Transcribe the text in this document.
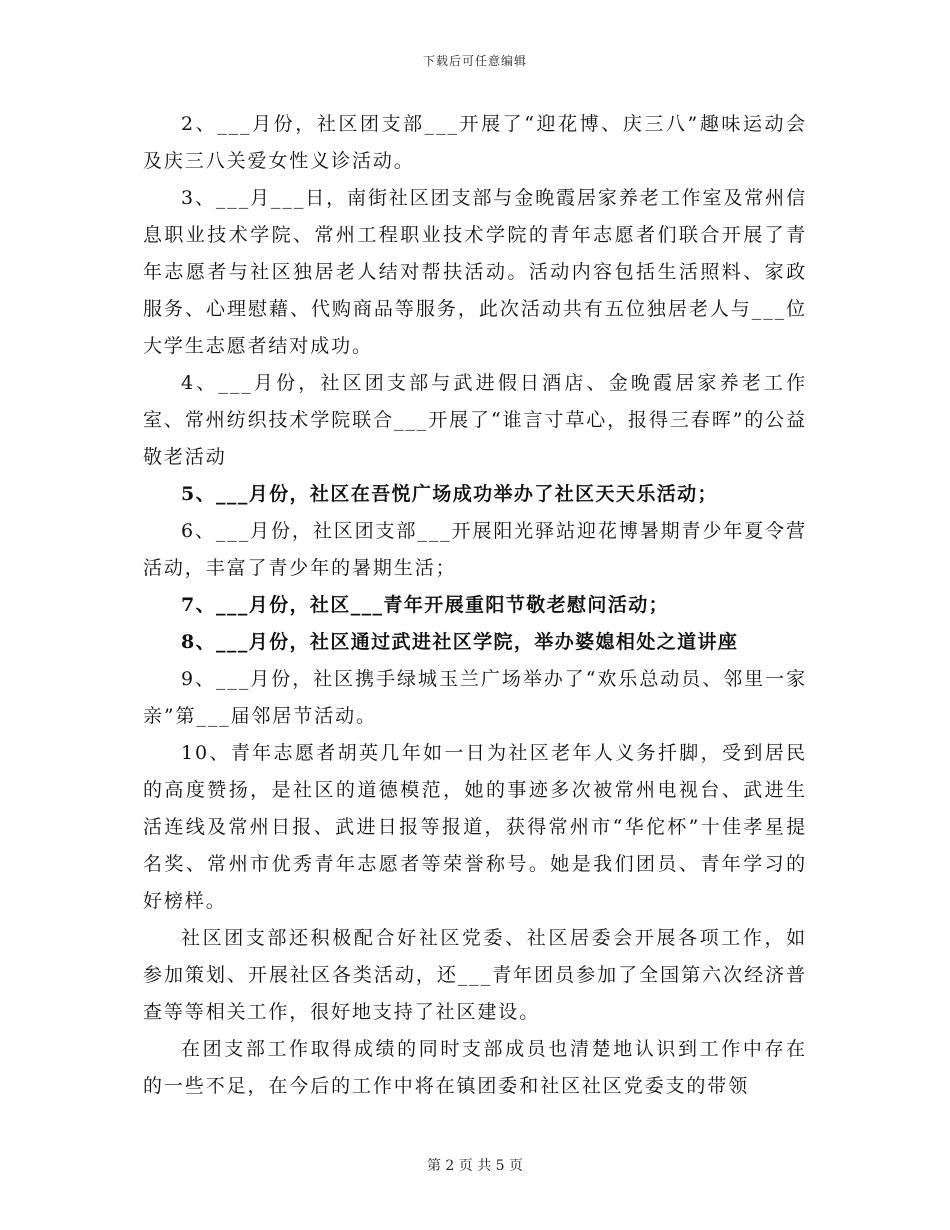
下载后可任意编辑

2、___月份，社区团支部___开展了“迎花博、庆三八”趣味运动会及庆三八关爱女性义诊活动。

3、___月___日，南街社区团支部与金晚霞居家养老工作室及常州信息职业技术学院、常州工程职业技术学院的青年志愿者们联合开展了青年志愿者与社区独居老人结对帮扶活动。活动内容包括生活照料、家政服务、心理慰藉、代购商品等服务，此次活动共有五位独居老人与___位大学生志愿者结对成功。

4、___月份，社区团支部与武进假日酒店、金晚霞居家养老工作室、常州纺织技术学院联合___开展了“谁言寸草心，报得三春晖”的公益敬老活动

5、___月份，社区在吾悦广场成功举办了社区天天乐活动；

6、___月份，社区团支部___开展阳光驿站迎花博暑期青少年夏令营活动，丰富了青少年的暑期生活；

7、___月份，社区___青年开展重阳节敬老慰问活动；

8、___月份，社区通过武进社区学院，举办婆媳相处之道讲座

9、___月份，社区携手绿城玉兰广场举办了“欢乐总动员、邻里一家亲”第___届邻居节活动。

10、青年志愿者胡英几年如一日为社区老年人义务扦脚，受到居民的高度赞扬，是社区的道德模范，她的事迹多次被常州电视台、武进生活连线及常州日报、武进日报等报道，获得常州市“华佗杯”十佳孝星提名奖、常州市优秀青年志愿者等荣誉称号。她是我们团员、青年学习的好榜样。

社区团支部还积极配合好社区党委、社区居委会开展各项工作，如参加策划、开展社区各类活动，还___青年团员参加了全国第六次经济普查等等相关工作，很好地支持了社区建设。

在团支部工作取得成绩的同时支部成员也清楚地认识到工作中存在的一些不足，在今后的工作中将在镇团委和社区社区党委支的带领

第 2 页 共 5 页
